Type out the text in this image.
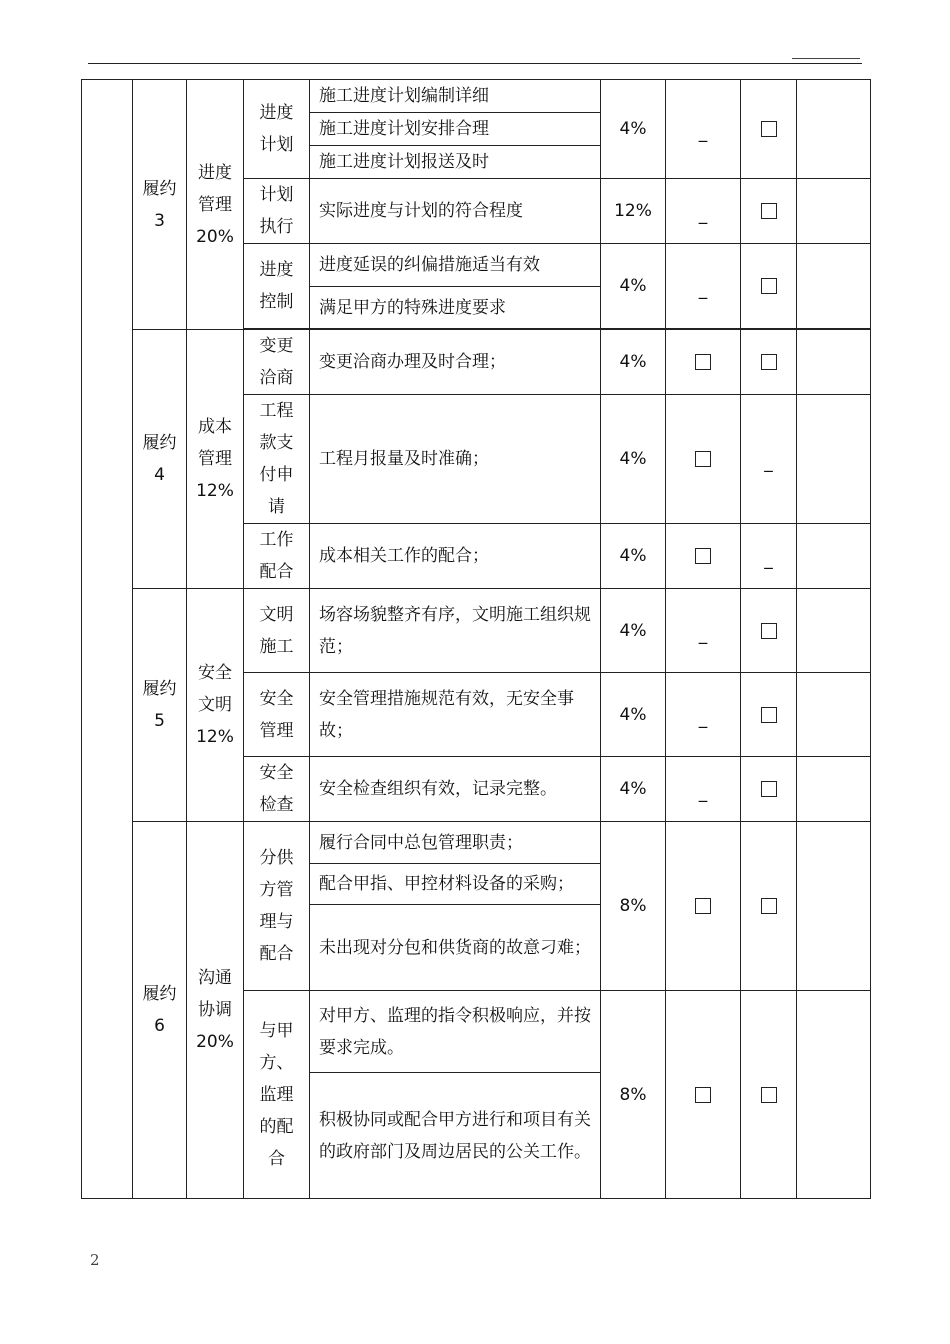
	履约3	进度管理20%	进度计划	施工进度计划编制详细	4%	_		
				施工进度计划安排合理				
				施工进度计划报送及时				
			计划执行	实际进度与计划的符合程度	12%	_		
			进度控制	进度延误的纠偏措施适当有效	4%	_		
				满足甲方的特殊进度要求				

	履约4	成本管理12%	变更洽商	变更洽商办理及时合理；	4%			
			工程款支付申请	工程月报量及时准确；	4%		_	
			工作配合	成本相关工作的配合；	4%		_	
	履约5	安全文明12%	文明施工	场容场貌整齐有序，文明施工组织规范；	4%	_		
			安全管理	安全管理措施规范有效，无安全事故；	4%	_		
			安全检查	安全检查组织有效，记录完整。	4%	_		
	履约6	沟通协调20%	分供方管理与配合	履行合同中总包管理职责；	8%			
				配合甲指、甲控材料设备的采购；				
				未出现对分包和供货商的故意刁难；				
			与甲方、监理的配合	对甲方、监理的指令积极响应，并按要求完成。	8%			
				积极协同或配合甲方进行和项目有关的政府部门及周边居民的公关工作。				
2
